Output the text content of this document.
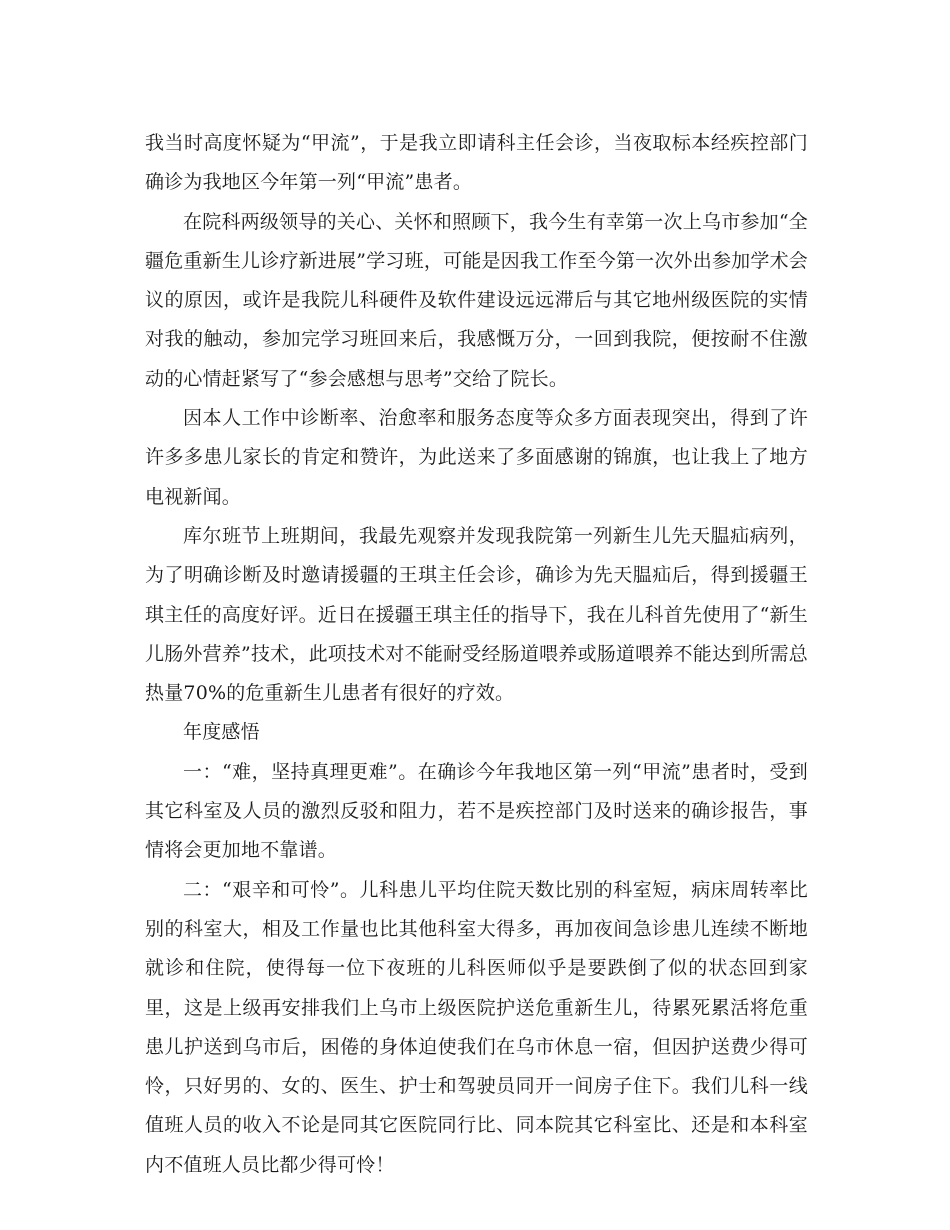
我当时高度怀疑为“甲流”，于是我立即请科主任会诊，当夜取标本经疾控部门确诊为我地区今年第一列“甲流”患者。

在院科两级领导的关心、关怀和照顾下，我今生有幸第一次上乌市参加“全疆危重新生儿诊疗新进展”学习班，可能是因我工作至今第一次外出参加学术会议的原因，或许是我院儿科硬件及软件建设远远滞后与其它地州级医院的实情对我的触动，参加完学习班回来后，我感慨万分，一回到我院，便按耐不住激动的心情赶紧写了“参会感想与思考”交给了院长。

因本人工作中诊断率、治愈率和服务态度等众多方面表现突出，得到了许许多多患儿家长的肯定和赞许，为此送来了多面感谢的锦旗，也让我上了地方电视新闻。

库尔班节上班期间，我最先观察并发现我院第一列新生儿先天腽疝病列，为了明确诊断及时邀请援疆的王琪主任会诊，确诊为先天腽疝后，得到援疆王琪主任的高度好评。近日在援疆王琪主任的指导下，我在儿科首先使用了“新生儿肠外营养”技术，此项技术对不能耐受经肠道喂养或肠道喂养不能达到所需总热量70%的危重新生儿患者有很好的疗效。

年度感悟

一：“难，坚持真理更难”。在确诊今年我地区第一列“甲流”患者时，受到其它科室及人员的激烈反驳和阻力，若不是疾控部门及时送来的确诊报告，事情将会更加地不靠谱。

二：“艰辛和可怜”。儿科患儿平均住院天数比别的科室短，病床周转率比别的科室大，相及工作量也比其他科室大得多，再加夜间急诊患儿连续不断地就诊和住院，使得每一位下夜班的儿科医师似乎是要跌倒了似的状态回到家里，这是上级再安排我们上乌市上级医院护送危重新生儿，待累死累活将危重患儿护送到乌市后，困倦的身体迫使我们在乌市休息一宿，但因护送费少得可怜，只好男的、女的、医生、护士和驾驶员同开一间房子住下。我们儿科一线值班人员的收入不论是同其它医院同行比、同本院其它科室比、还是和本科室内不值班人员比都少得可怜！
